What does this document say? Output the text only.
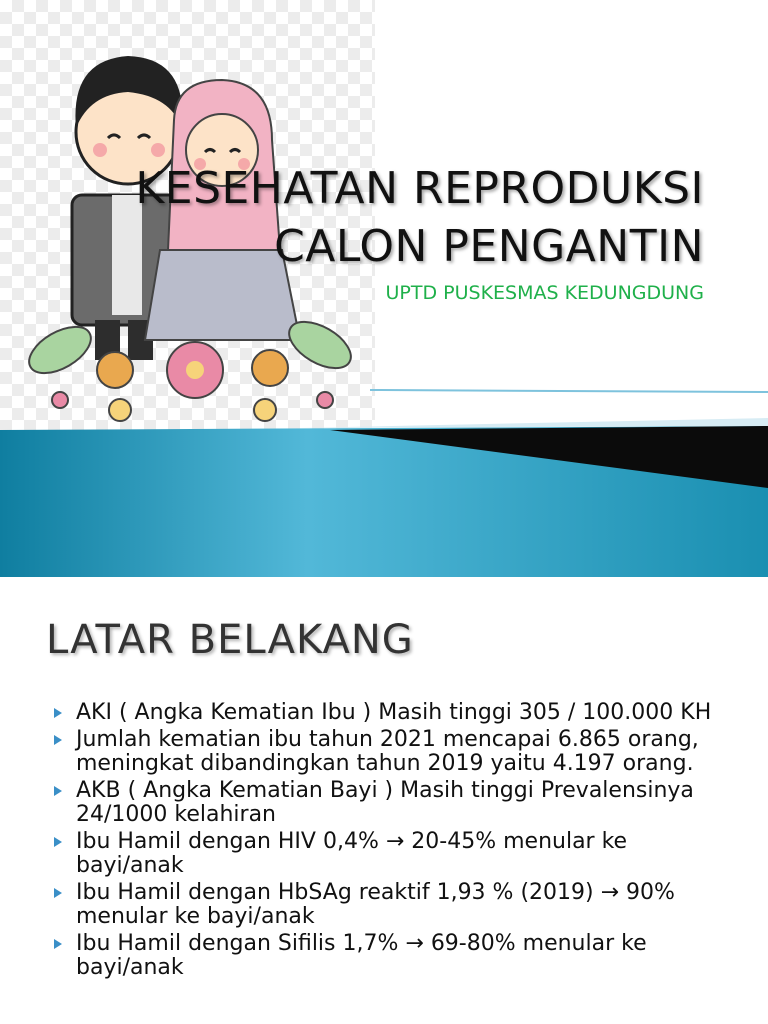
KESEHATAN REPRODUKSI
CALON PENGANTIN

UPTD PUSKESMAS KEDUNGDUNG

LATAR BELAKANG
AKI ( Angka Kematian Ibu ) Masih tinggi 305 / 100.000 KH
Jumlah kematian ibu tahun 2021 mencapai 6.865 orang, meningkat dibandingkan tahun 2019 yaitu 4.197 orang.
AKB ( Angka Kematian Bayi ) Masih tinggi Prevalensinya 24/1000 kelahiran
Ibu Hamil dengan HIV 0,4% → 20-45% menular ke bayi/anak
Ibu Hamil dengan HbSAg reaktif 1,93 % (2019) → 90% menular ke bayi/anak
Ibu Hamil dengan Sifilis 1,7% → 69-80% menular ke bayi/anak
